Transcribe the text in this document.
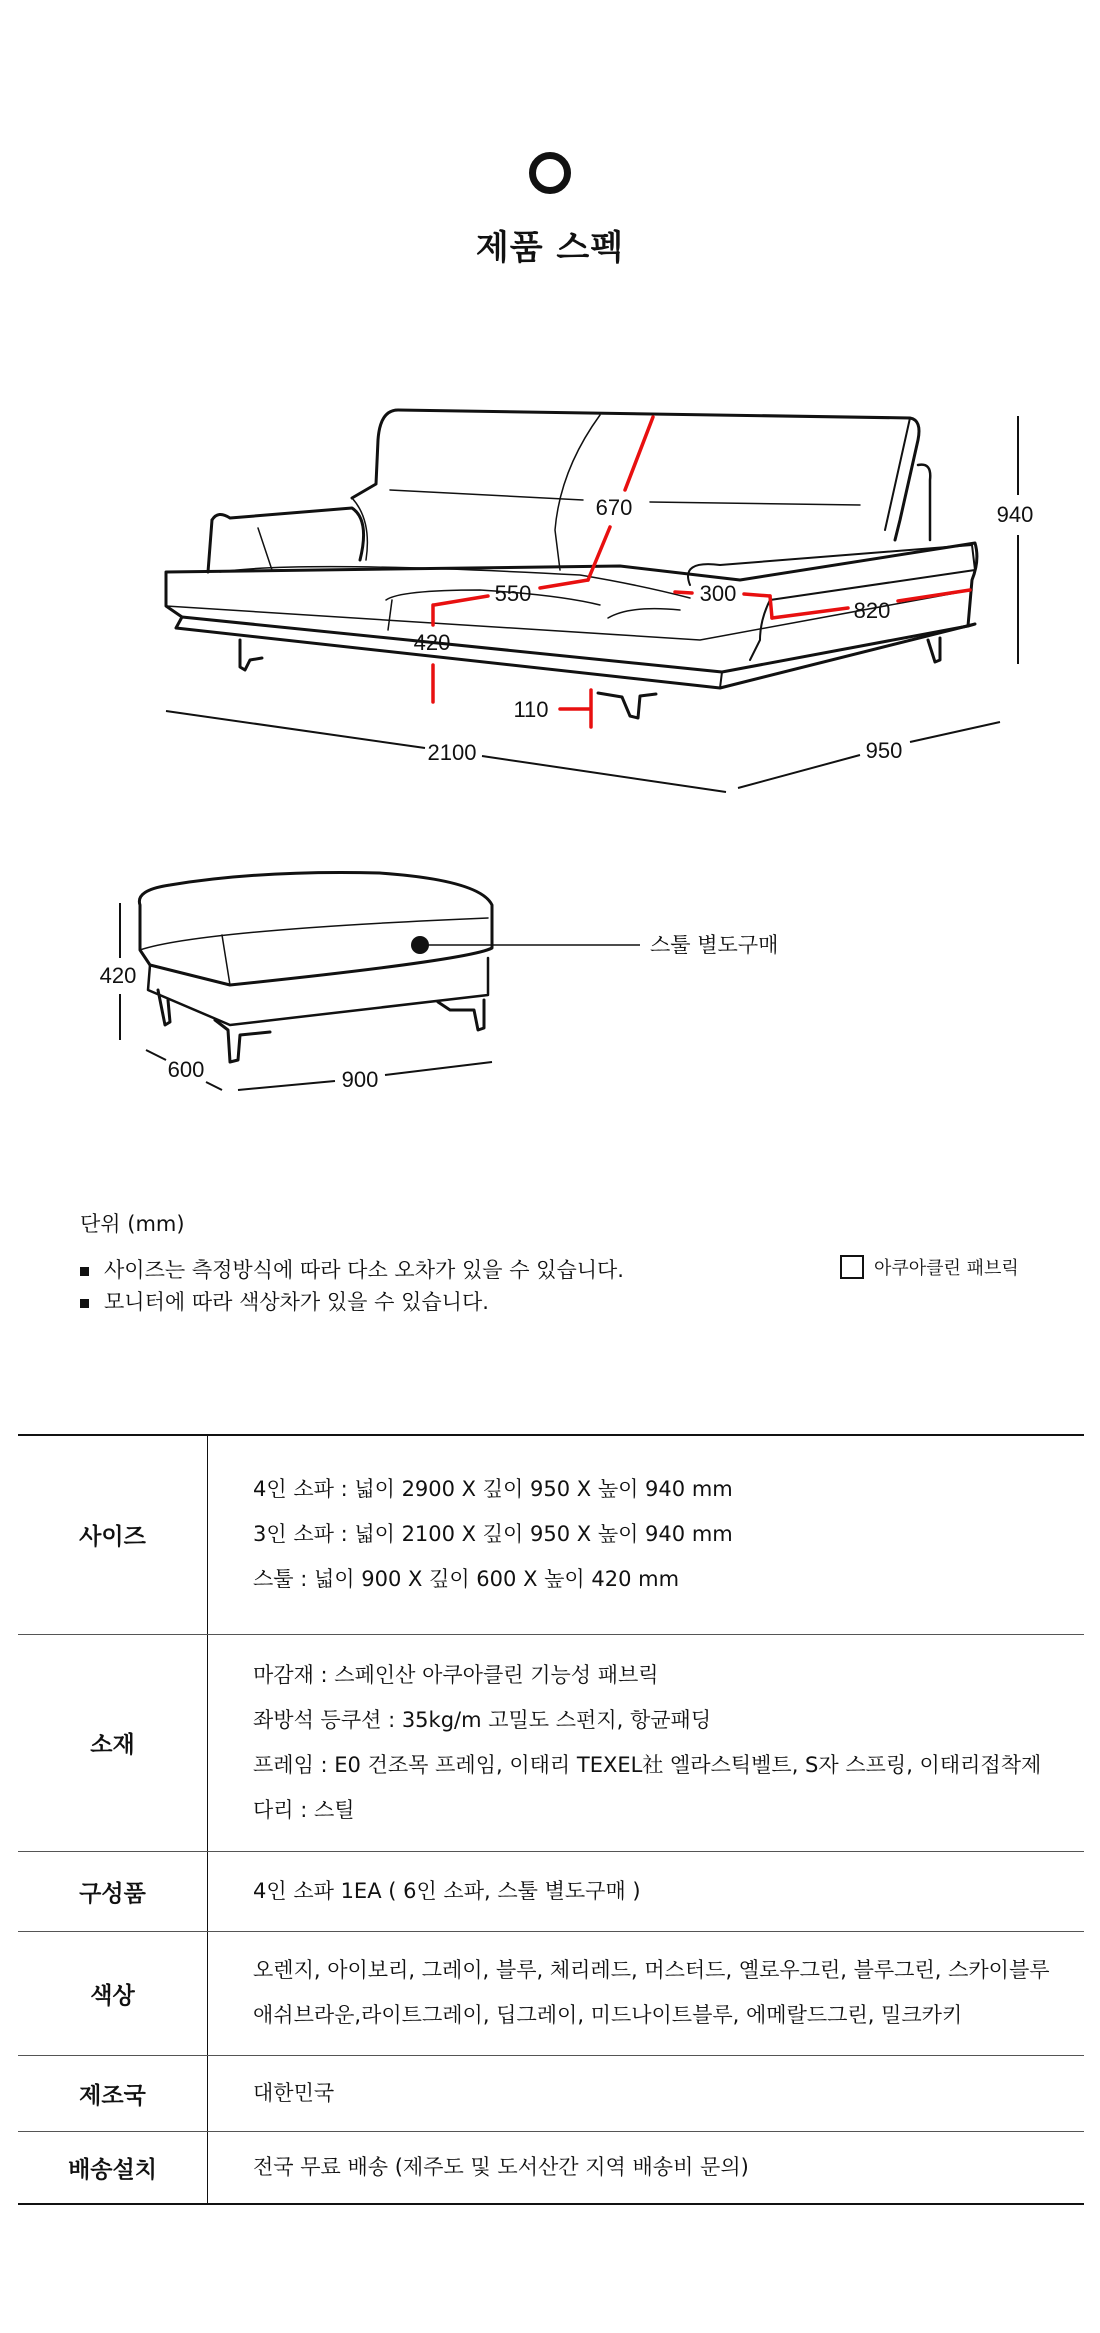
제품 스펙
670	940
550	300
820
420
110
2100	950
420
600	900
스툴 별도구매
단위 (mm)
사이즈는 측정방식에 따라 다소 오차가 있을 수 있습니다.
모니터에 따라 색상차가 있을 수 있습니다.
아쿠아클린 패브릭
사이즈	4인 소파 : 넓이 2900 X 깊이 950 X 높이 940 mm
3인 소파 : 넓이 2100 X 깊이 950 X 높이 940 mm
스툴 : 넓이 900 X 깊이 600 X 높이 420 mm

소재	마감재 : 스페인산 아쿠아클린 기능성 패브릭
좌방석 등쿠션 : 35kg/m 고밀도 스펀지, 항균패딩
프레임 : E0 건조목 프레임, 이태리 TEXEL社 엘라스틱벨트, S자 스프링, 이태리접착제
다리 : 스틸

구성품	4인 소파 1EA ( 6인 소파, 스툴 별도구매 )

색상	오렌지, 아이보리, 그레이, 블루, 체리레드, 머스터드, 옐로우그린, 블루그린, 스카이블루
애쉬브라운,라이트그레이, 딥그레이, 미드나이트블루, 에메랄드그린, 밀크카키

제조국	대한민국

배송설치	전국 무료 배송 (제주도 및 도서산간 지역 배송비 문의)
